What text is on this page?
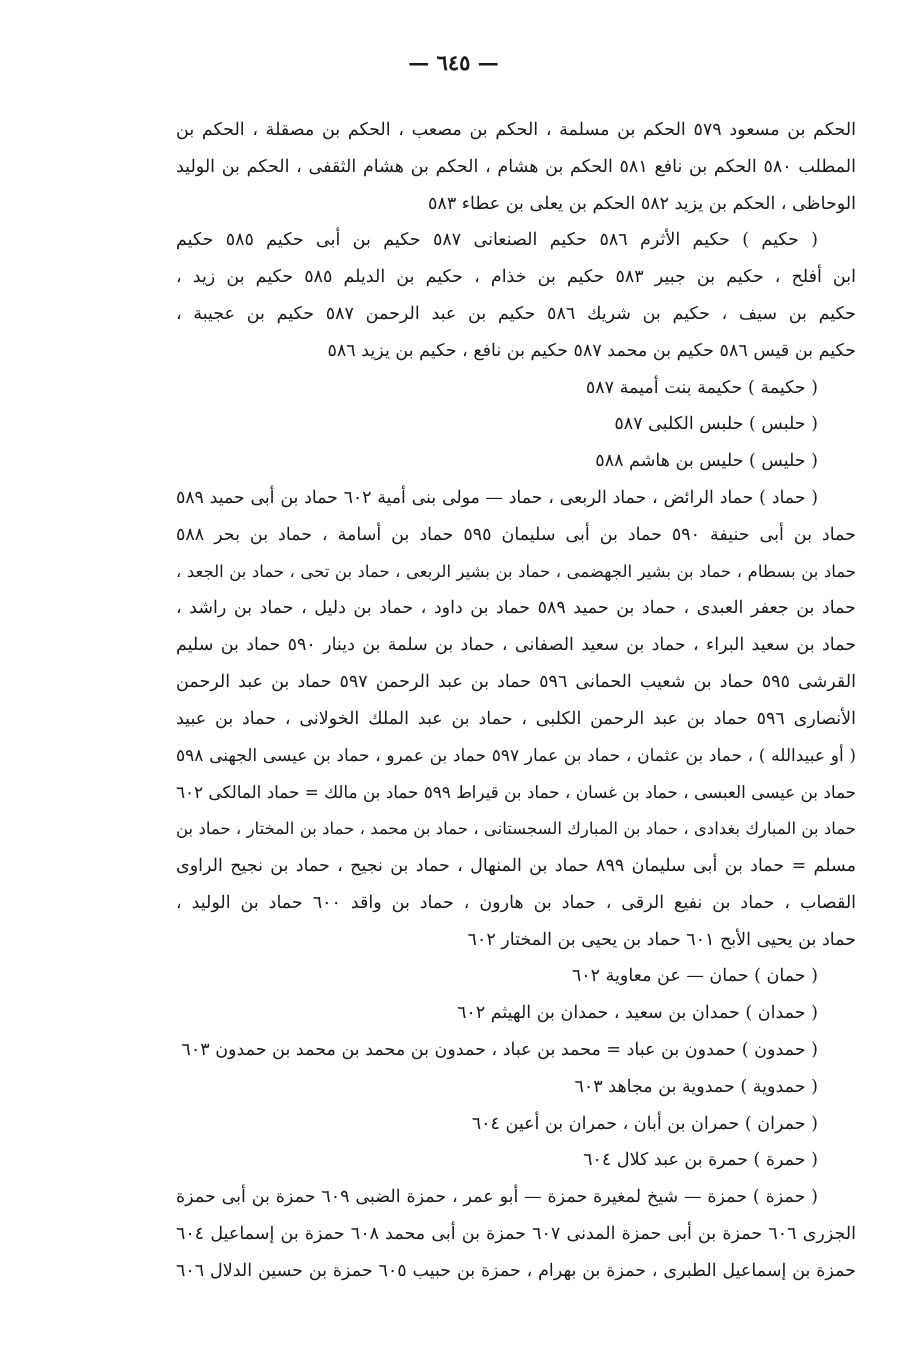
— ٦٤٥ —
الحكم بن مسعود ٥٧٩ الحكم بن مسلمة ، الحكم بن مصعب ، الحكم بن مصقلة ، الحكم بن
المطلب ٥٨٠ الحكم بن نافع ٥٨١ الحكم بن هشام ، الحكم بن هشام الثقفى ، الحكم بن الوليد
الوحاظى ، الحكم بن يزيد ٥٨٢ الحكم بن يعلى بن عطاء ٥٨٣
( حكيم ) حكيم الأثرم ٥٨٦ حكيم الصنعانى ٥٨٧ حكيم بن أبى حكيم ٥٨٥ حكيم
ابن أفلح ، حكيم بن جبير ٥٨٣ حكيم بن خذام ، حكيم بن الديلم ٥٨٥ حكيم بن زيد ،
حكيم بن سيف ، حكيم بن شريك ٥٨٦ حكيم بن عبد الرحمن ٥٨٧ حكيم بن عجيبة ،
حكيم بن قيس ٥٨٦ حكيم بن محمد ٥٨٧ حكيم بن نافع ، حكيم بن يزيد ٥٨٦
( حكيمة ) حكيمة بنت أميمة ٥٨٧
( حلبس ) حلبس الكلبى ٥٨٧
( حليس ) حليس بن هاشم ٥٨٨
( حماد ) حماد الرائض ، حماد الربعى ، حماد — مولى بنى أمية ٦٠٢ حماد بن أبى حميد ٥٨٩
حماد بن أبى حنيفة ٥٩٠ حماد بن أبى سليمان ٥٩٥ حماد بن أسامة ، حماد بن بحر ٥٨٨
حماد بن بسطام ، حماد بن بشير الجهضمى ، حماد بن بشير الربعى ، حماد بن تحى ، حماد بن الجعد ،
حماد بن جعفر العبدى ، حماد بن حميد ٥٨٩ حماد بن داود ، حماد بن دليل ، حماد بن راشد ،
حماد بن سعيد البراء ، حماد بن سعيد الصفانى ، حماد بن سلمة بن دينار ٥٩٠ حماد بن سليم
القرشى ٥٩٥ حماد بن شعيب الحمانى ٥٩٦ حماد بن عبد الرحمن ٥٩٧ حماد بن عبد الرحمن
الأنصارى ٥٩٦ حماد بن عبد الرحمن الكلبى ، حماد بن عبد الملك الخولانى ، حماد بن عبيد
( أو عبيدالله ) ، حماد بن عثمان ، حماد بن عمار ٥٩٧ حماد بن عمرو ، حماد بن عيسى الجهنى ٥٩٨
حماد بن عيسى العبسى ، حماد بن غسان ، حماد بن قيراط ٥٩٩ حماد بن مالك = حماد المالكى ٦٠٢
حماد بن المبارك بغدادى ، حماد بن المبارك السجستانى ، حماد بن محمد ، حماد بن المختار ، حماد بن
مسلم = حماد بن أبى سليمان ٨٩٩ حماد بن المنهال ، حماد بن نجيح ، حماد بن نجيح الراوى
القصاب ، حماد بن نفيع الرقى ، حماد بن هارون ، حماد بن واقد ٦٠٠ حماد بن الوليد ،
حماد بن يحيى الأبح ٦٠١ حماد بن يحيى بن المختار ٦٠٢
( حمان ) حمان — عن معاوية ٦٠٢
( حمدان ) حمدان بن سعيد ، حمدان بن الهيثم ٦٠٢
( حمدون ) حمدون بن عباد = محمد بن عباد ، حمدون بن محمد بن محمد بن حمدون ٦٠٣
( حمدوية ) حمدوية بن مجاهد ٦٠٣
( حمران ) حمران بن أبان ، حمران بن أعين ٦٠٤
( حمرة ) حمرة بن عبد كلال ٦٠٤
( حمزة ) حمزة — شيخ لمغيرة حمزة — أبو عمر ، حمزة الضبى ٦٠٩ حمزة بن أبى حمزة
الجزرى ٦٠٦ حمزة بن أبى حمزة المدنى ٦٠٧ حمزة بن أبى محمد ٦٠٨ حمزة بن إسماعيل ٦٠٤
حمزة بن إسماعيل الطبرى ، حمزة بن بهرام ، حمزة بن حبيب ٦٠٥ حمزة بن حسين الدلال ٦٠٦
